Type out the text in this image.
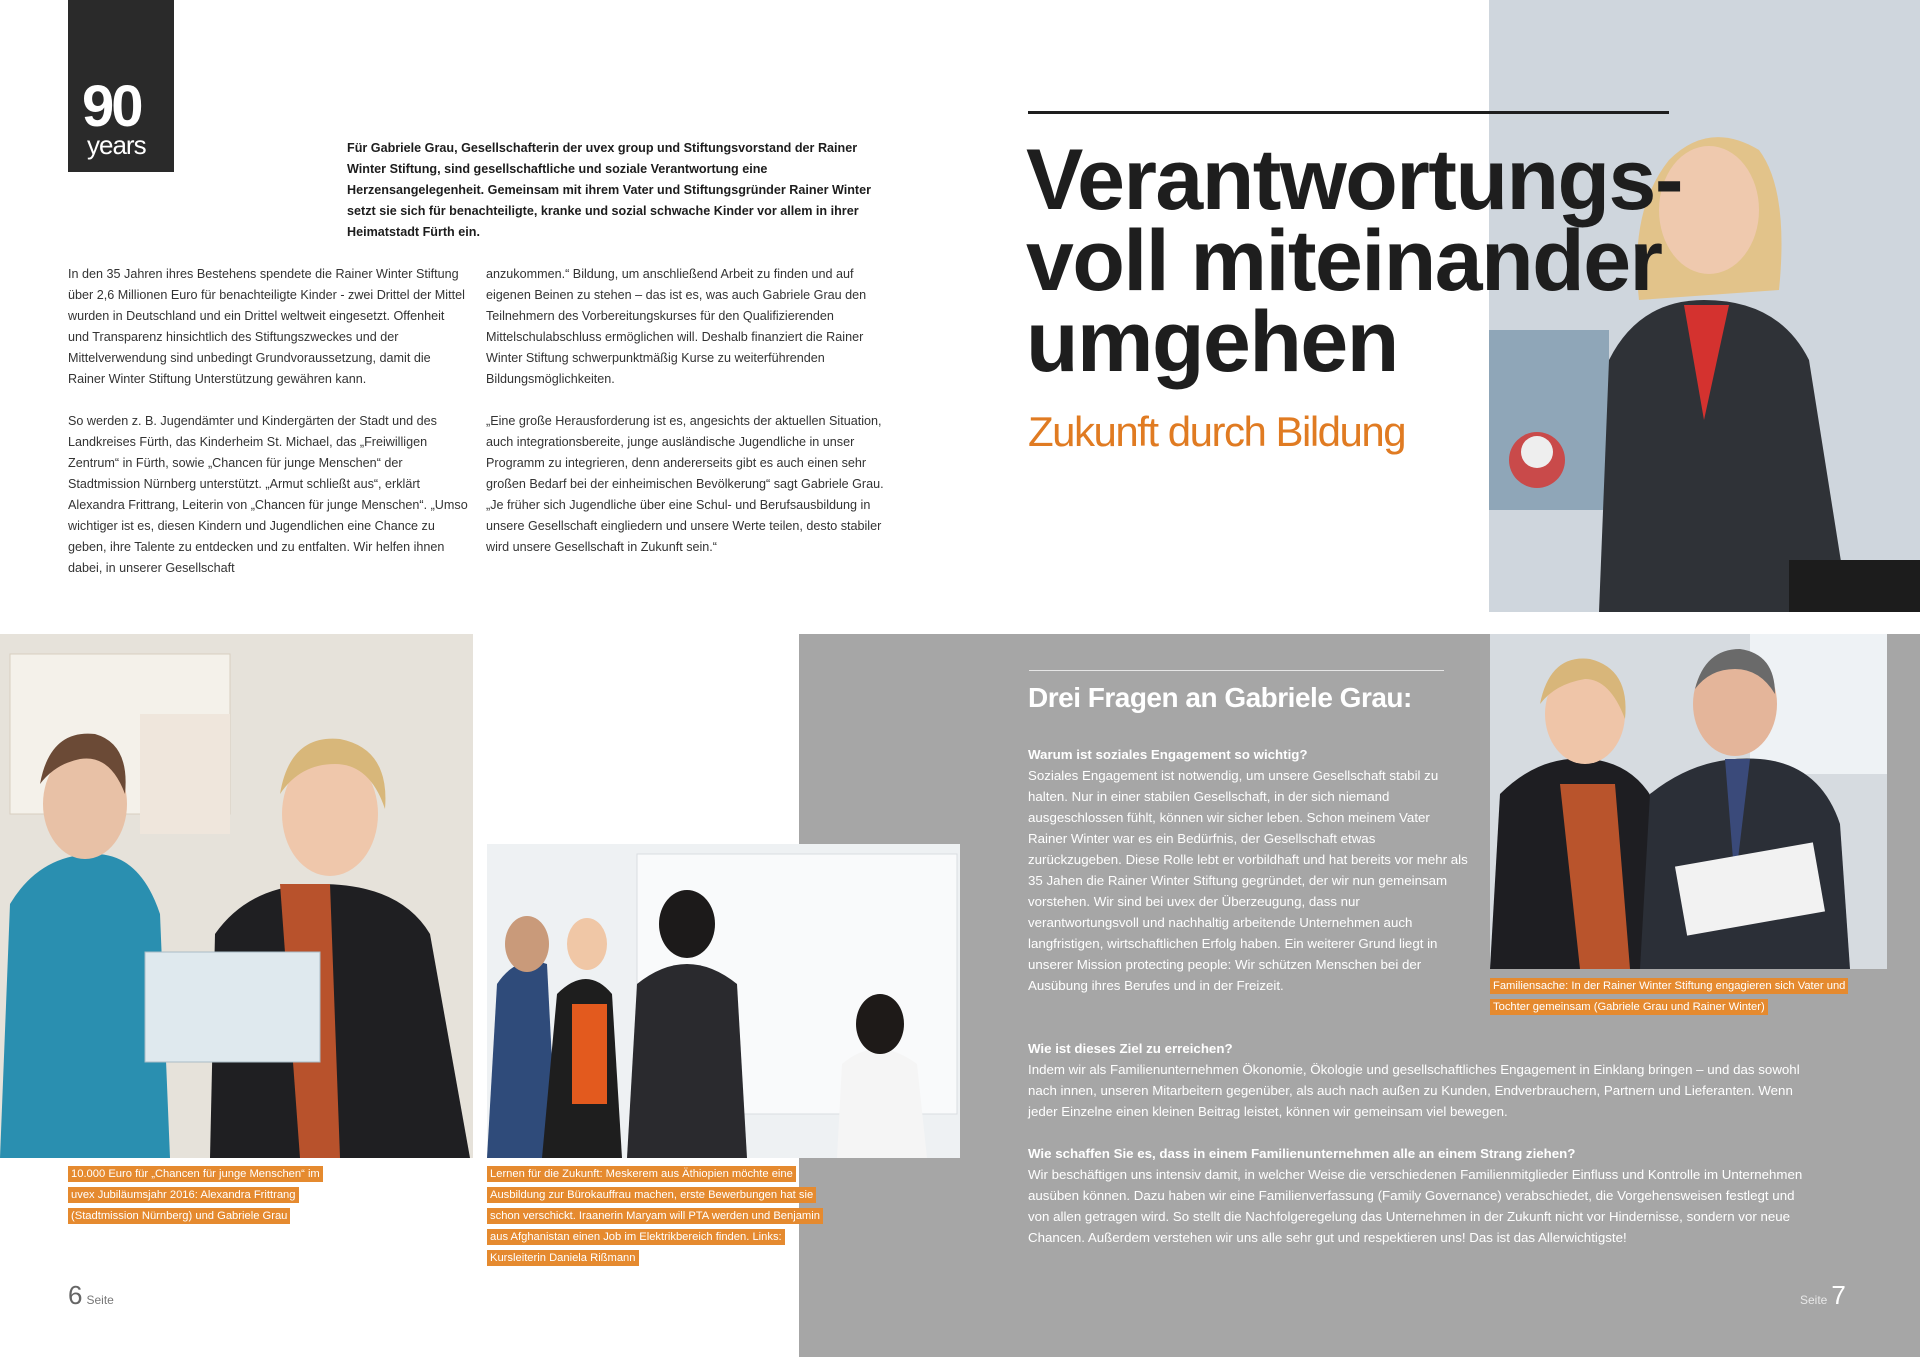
90
years	Für Gabriele Grau, Gesellschafterin der uvex group und Stiftungsvorstand der Rainer Winter Stiftung, sind gesellschaftliche und soziale Verantwortung eine Herzensangelegenheit. Gemeinsam mit ihrem Vater und Stiftungsgründer Rainer Winter setzt sie sich für benachteiligte, kranke und sozial schwache Kinder vor allem in ihrer Heimatstadt Fürth ein.

In den 35 Jahren ihres Bestehens spendete die Rainer Winter Stiftung über 2,6 Millionen Euro für benachteiligte Kinder - zwei Drittel der Mittel wurden in Deutschland und ein Drittel weltweit eingesetzt. Offenheit und Transparenz hinsichtlich des Stiftungszweckes und der Mittelverwendung sind unbedingt Grundvoraussetzung, damit die Rainer Winter Stiftung Unterstützung gewähren kann.

So werden z. B. Jugendämter und Kindergärten der Stadt und des Landkreises Fürth, das Kinderheim St. Michael, das „Freiwilligen Zentrum“ in Fürth, sowie „Chancen für junge Menschen“ der Stadtmission Nürnberg unterstützt. „Armut schließt aus“, erklärt Alexandra Frittrang, Leiterin von „Chancen für junge Menschen“. „Umso wichtiger ist es, diesen Kindern und Jugendlichen eine Chance zu geben, ihre Talente zu entdecken und zu entfalten. Wir helfen ihnen dabei, in unserer Gesellschaft

anzukommen.“ Bildung, um anschließend Arbeit zu finden und auf eigenen Beinen zu stehen – das ist es, was auch Gabriele Grau den Teilnehmern des Vorbereitungskurses für den Qualifizierenden Mittelschulabschluss ermöglichen will. Deshalb finanziert die Rainer Winter Stiftung schwerpunktmäßig Kurse zu weiterführenden Bildungsmöglichkeiten.

„Eine große Herausforderung ist es, angesichts der aktuellen Situation, auch integrationsbereite, junge ausländische Jugendliche in unser Programm zu integrieren, denn andererseits gibt es auch einen sehr großen Bedarf bei der einheimischen Bevölkerung“ sagt Gabriele Grau. „Je früher sich Jugendliche über eine Schul- und Berufsausbildung in unsere Gesellschaft eingliedern und unsere Werte teilen, desto stabiler wird unsere Gesellschaft in Zukunft sein.“

Verantwortungs-
voll miteinander
umgehen
Zukunft durch Bildung
Drei Fragen an Gabriele Grau:
Warum ist soziales Engagement so wichtig?
Soziales Engagement ist notwendig, um unsere Gesellschaft stabil zu halten. Nur in einer stabilen Gesellschaft, in der sich niemand ausgeschlossen fühlt, können wir sicher leben. Schon meinem Vater Rainer Winter war es ein Bedürfnis, der Gesellschaft etwas zurückzugeben. Diese Rolle lebt er vorbildhaft und hat bereits vor mehr als 35 Jahen die Rainer Winter Stiftung gegründet, der wir nun gemeinsam vorstehen. Wir sind bei uvex der Überzeugung, dass nur verantwortungsvoll und nachhaltig arbeitende Unternehmen auch langfristigen, wirtschaftlichen Erfolg haben. Ein weiterer Grund liegt in unserer Mission protecting people: Wir schützen Menschen bei der Ausübung ihres Berufes und in der Freizeit.
Wie ist dieses Ziel zu erreichen?
Indem wir als Familienunternehmen Ökonomie, Ökologie und gesellschaftliches Engagement in Einklang bringen – und das sowohl nach innen, unseren Mitarbeitern gegenüber, als auch nach außen zu Kunden, Endverbrauchern, Partnern und Lieferanten. Wenn jeder Einzelne einen kleinen Beitrag leistet, können wir gemeinsam viel bewegen.
Wie schaffen Sie es, dass in einem Familienunternehmen alle an einem Strang ziehen?
Wir beschäftigen uns intensiv damit, in welcher Weise die verschiedenen Familienmitglieder Einfluss und Kontrolle im Unternehmen ausüben können. Dazu haben wir eine Familienverfassung (Family Governance) verabschiedet, die Vorgehensweisen festlegt und von allen getragen wird. So stellt die Nachfolgeregelung das Unternehmen in der Zukunft nicht vor Hindernisse, sondern vor neue Chancen. Außerdem verstehen wir uns alle sehr gut und respektieren uns! Das ist das Allerwichtigste!
10.000 Euro für „Chancen für junge Menschen“ im uvex Jubiläumsjahr 2016: Alexandra Frittrang (Stadtmission Nürnberg) und Gabriele Grau
Lernen für die Zukunft: Meskerem aus Äthiopien möchte eine Ausbildung zur Bürokauffrau machen, erste Bewerbungen hat sie schon verschickt. Iraanerin Maryam will PTA werden und Benjamin aus Afghanistan einen Job im Elektrikbereich finden. Links: Kursleiterin Daniela Rißmann
Familiensache: In der Rainer Winter Stiftung engagieren sich Vater und Tochter gemeinsam (Gabriele Grau und Rainer Winter)
6 Seite	Seite 7
